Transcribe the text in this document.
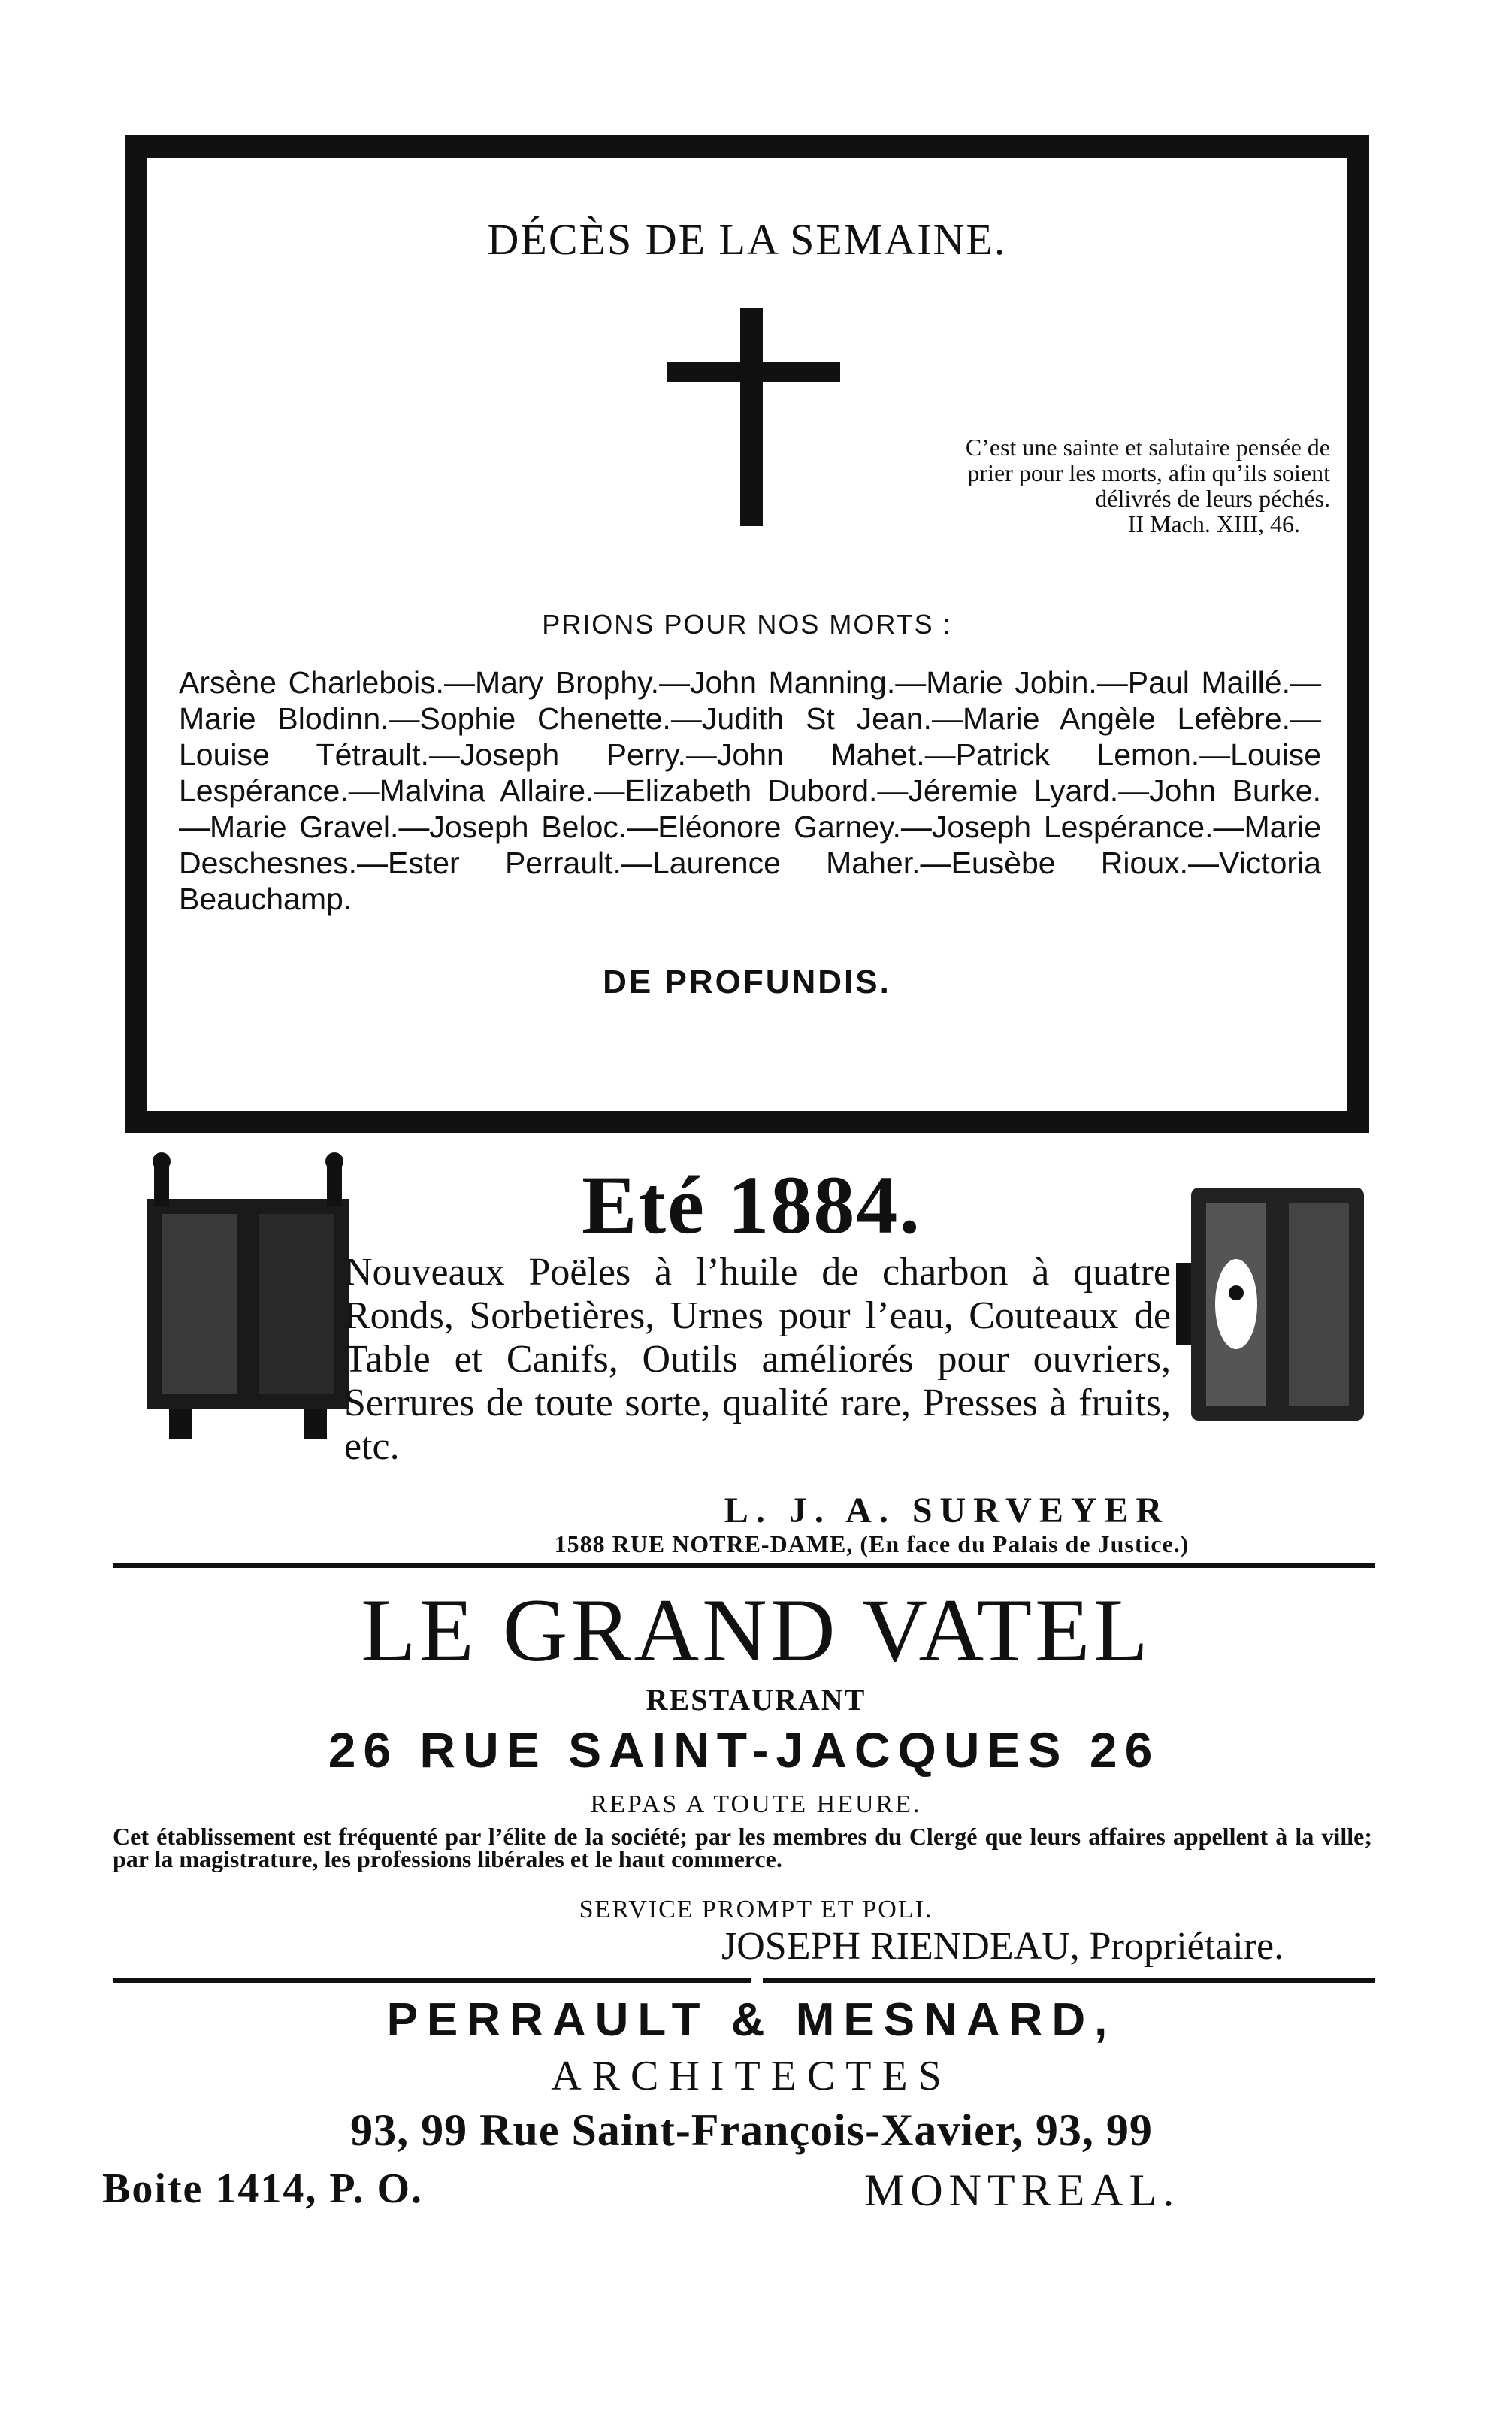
DÉCÈS DE LA SEMAINE.
C’est une sainte et salutaire pensée de
prier pour les morts, afin qu’ils soient
délivrés de leurs péchés.
II Mach. XIII, 46.
PRIONS POUR NOS MORTS :
Arsène Charlebois.—Mary Brophy.—John Manning.—Marie Jobin.—Paul Maillé.—Marie Blodinn.—Sophie Chenette.—Judith St Jean.—Marie Angèle Lefèbre.—Louise Tétrault.—Joseph Perry.—John Mahet.—Patrick Lemon.—Louise Lespérance.—Malvina Allaire.—Elizabeth Dubord.—Jéremie Lyard.—John Burke.—Marie Gravel.—Joseph Beloc.—Eléonore Garney.—Joseph Lespérance.—Marie Deschesnes.—Ester Perrault.—Laurence Maher.—Eusèbe Rioux.—Victoria Beauchamp.
DE PROFUNDIS.
Eté 1884.
Nouveaux Poëles à l’huile de charbon à quatre Ronds, Sorbetières, Urnes pour l’eau, Couteaux de Table et Canifs, Outils améliorés pour ouvriers, Serrures de toute sorte, qualité rare, Presses à fruits, etc.
L. J. A. SURVEYER
1588 RUE NOTRE-DAME, (En face du Palais de Justice.)
LE GRAND VATEL
RESTAURANT
26 RUE SAINT-JACQUES 26
REPAS A TOUTE HEURE.
Cet établissement est fréquenté par l’élite de la société; par les membres du Clergé que leurs affaires appellent à la ville; par la magistrature, les professions libérales et le haut commerce.
SERVICE PROMPT ET POLI.
JOSEPH RIENDEAU, Propriétaire.
PERRAULT & MESNARD,
ARCHITECTES
93, 99 Rue Saint-François-Xavier, 93, 99
Boite 1414, P. O.	MONTREAL.
